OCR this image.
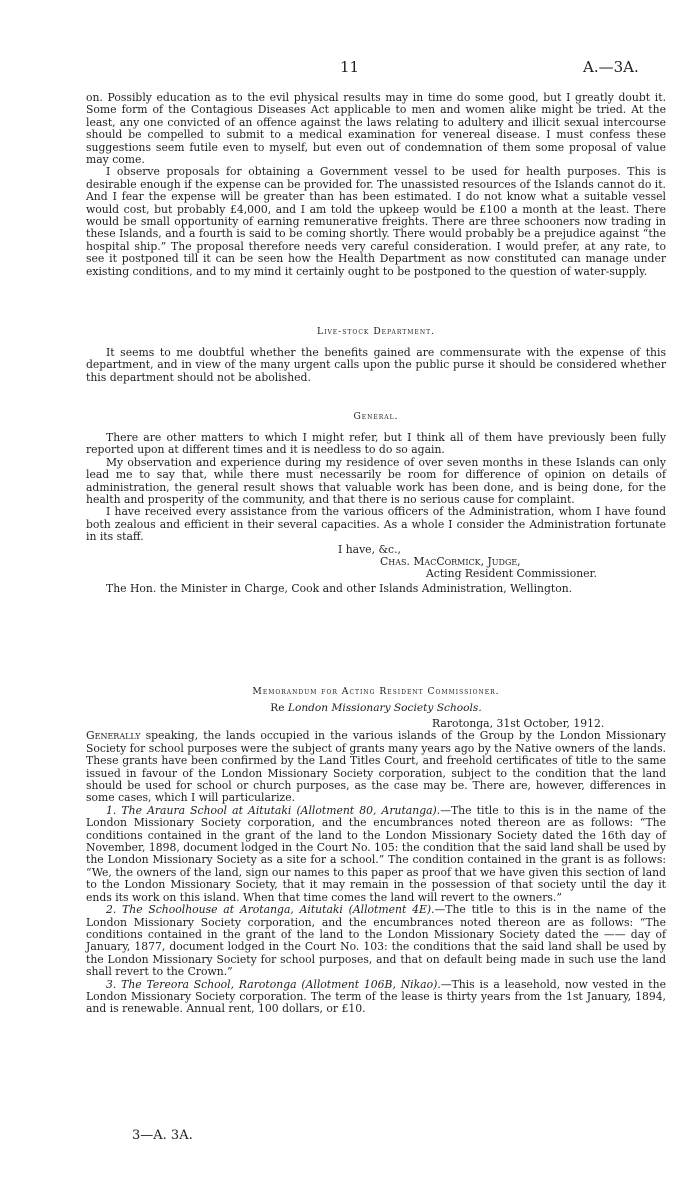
11	A.—3A.

on. Possibly education as to the evil physical results may in time do some good, but I greatly doubt it. Some form of the Contagious Diseases Act applicable to men and women alike might be tried. At the least, any one convicted of an offence against the laws relating to adultery and illicit sexual intercourse should be compelled to submit to a medical examination for venereal disease. I must confess these suggestions seem futile even to myself, but even out of condemnation of them some proposal of value may come.

I observe proposals for obtaining a Government vessel to be used for health purposes. This is desirable enough if the expense can be provided for. The unassisted resources of the Islands cannot do it. And I fear the expense will be greater than has been estimated. I do not know what a suitable vessel would cost, but probably £4,000, and I am told the upkeep would be £100 a month at the least. There would be small opportunity of earning remunerative freights. There are three schooners now trading in these Islands, and a fourth is said to be coming shortly. There would probably be a prejudice against “the hospital ship.” The proposal therefore needs very careful consideration. I would prefer, at any rate, to see it postponed till it can be seen how the Health Department as now constituted can manage under existing conditions, and to my mind it certainly ought to be postponed to the question of water-supply.

Live-stock Department.

It seems to me doubtful whether the benefits gained are commensurate with the expense of this department, and in view of the many urgent calls upon the public purse it should be considered whether this department should not be abolished.

General.

There are other matters to which I might refer, but I think all of them have previously been fully reported upon at different times and it is needless to do so again.

My observation and experience during my residence of over seven months in these Islands can only lead me to say that, while there must necessarily be room for difference of opinion on details of administration, the general result shows that valuable work has been done, and is being done, for the health and prosperity of the community, and that there is no serious cause for complaint.

I have received every assistance from the various officers of the Administration, whom I have found both zealous and efficient in their several capacities. As a whole I consider the Administration fortunate in its staff.

I have, &c.,
Chas. MacCormick, Judge,
Acting Resident Commissioner.
The Hon. the Minister in Charge, Cook and other Islands Administration, Wellington.

Memorandum for Acting Resident Commissioner.

Re London Missionary Society Schools.

Rarotonga, 31st October, 1912.

Generally speaking, the lands occupied in the various islands of the Group by the London Missionary Society for school purposes were the subject of grants many years ago by the Native owners of the lands. These grants have been confirmed by the Land Titles Court, and freehold certificates of title to the same issued in favour of the London Missionary Society corporation, subject to the condition that the land should be used for school or church purposes, as the case may be. There are, however, differences in some cases, which I will particularize.

1. The Araura School at Aitutaki (Allotment 80, Arutanga).—The title to this is in the name of the London Missionary Society corporation, and the encumbrances noted thereon are as follows: “The conditions contained in the grant of the land to the London Missionary Society dated the 16th day of November, 1898, document lodged in the Court No. 105: the condition that the said land shall be used by the London Missionary Society as a site for a school.” The condition contained in the grant is as follows: “We, the owners of the land, sign our names to this paper as proof that we have given this section of land to the London Missionary Society, that it may remain in the possession of that society until the day it ends its work on this island. When that time comes the land will revert to the owners.”

2. The Schoolhouse at Arotanga, Aitutaki (Allotment 4E).—The title to this is in the name of the London Missionary Society corporation, and the encumbrances noted thereon are as follows: “The conditions contained in the grant of the land to the London Missionary Society dated the —— day of January, 1877, document lodged in the Court No. 103: the conditions that the said land shall be used by the London Missionary Society for school purposes, and that on default being made in such use the land shall revert to the Crown.”

3. The Tereora School, Rarotonga (Allotment 106B, Nikao).—This is a leasehold, now vested in the London Missionary Society corporation. The term of the lease is thirty years from the 1st January, 1894, and is renewable. Annual rent, 100 dollars, or £10.

3—A. 3A.
